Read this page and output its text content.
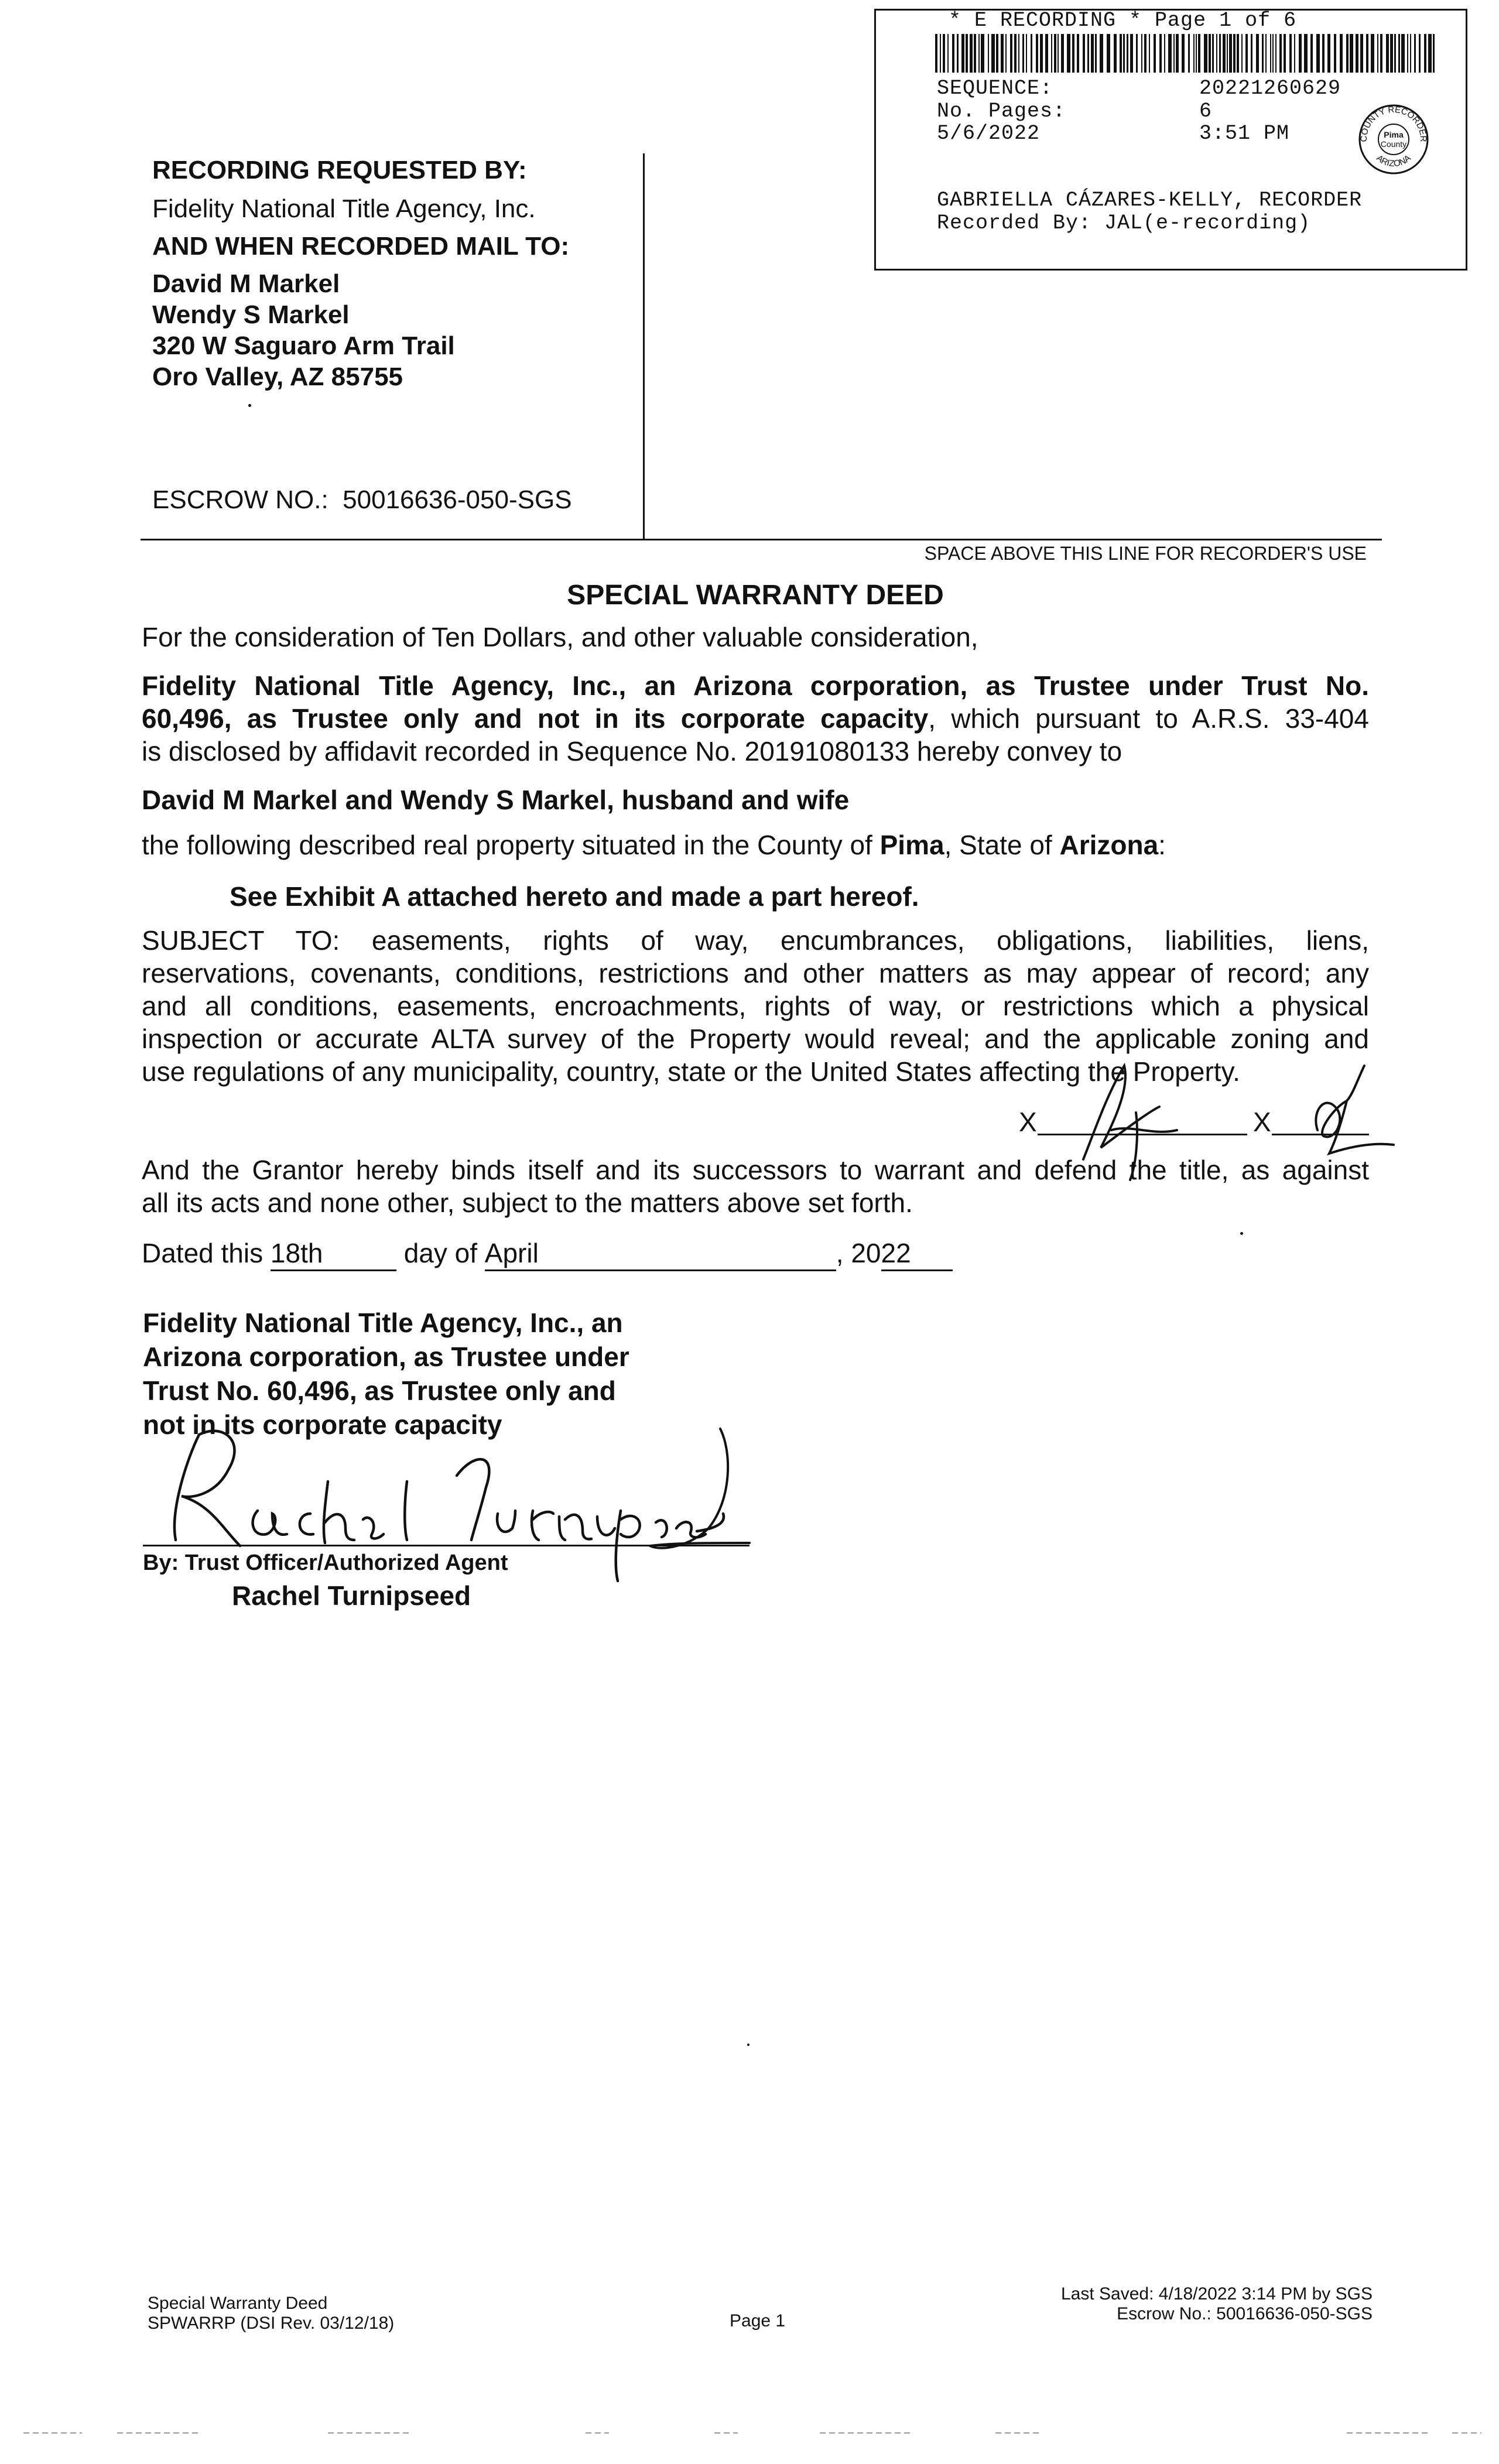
* E RECORDING * Page 1 of 6
SEQUENCE:	20221260629
No. Pages:	6
5/6/2022	3:51 PM	COUNTY RECORDER
ARIZONA
Pima
County
GABRIELLA CÁZARES-KELLY, RECORDER
Recorded By: JAL(e-recording)
RECORDING REQUESTED BY:
Fidelity National Title Agency, Inc.
AND WHEN RECORDED MAIL TO:
David M Markel
Wendy S Markel
320 W Saguaro Arm Trail
Oro Valley, AZ 85755
ESCROW NO.: 50016636-050-SGS
SPACE ABOVE THIS LINE FOR RECORDER'S USE
SPECIAL WARRANTY DEED
For the consideration of Ten Dollars, and other valuable consideration,
Fidelity National Title Agency, Inc., an Arizona corporation, as Trustee under Trust No.
60,496, as Trustee only and not in its corporate capacity, which pursuant to A.R.S. 33-404
is disclosed by affidavit recorded in Sequence No. 20191080133 hereby convey to
David M Markel and Wendy S Markel, husband and wife
the following described real property situated in the County of Pima, State of Arizona:
See Exhibit A attached hereto and made a part hereof.
SUBJECT TO: easements, rights of way, encumbrances, obligations, liabilities, liens,
reservations, covenants, conditions, restrictions and other matters as may appear of record; any
and all conditions, easements, encroachments, rights of way, or restrictions which a physical
inspection or accurate ALTA survey of the Property would reveal; and the applicable zoning and
use regulations of any municipality, country, state or the United States affecting the Property.
X	X
And the Grantor hereby binds itself and its successors to warrant and defend the title, as against
all its acts and none other, subject to the matters above set forth.
Dated this 18th	day of April	, 2022
Fidelity National Title Agency, Inc., an
Arizona corporation, as Trustee under
Trust No. 60,496, as Trustee only and
not in its corporate capacity
By: Trust Officer/Authorized Agent
Rachel Turnipseed
Special Warranty Deed
SPWARRP (DSI Rev. 03/12/18)	Page 1
Last Saved: 4/18/2022 3:14 PM by SGS
Escrow No.: 50016636-050-SGS
